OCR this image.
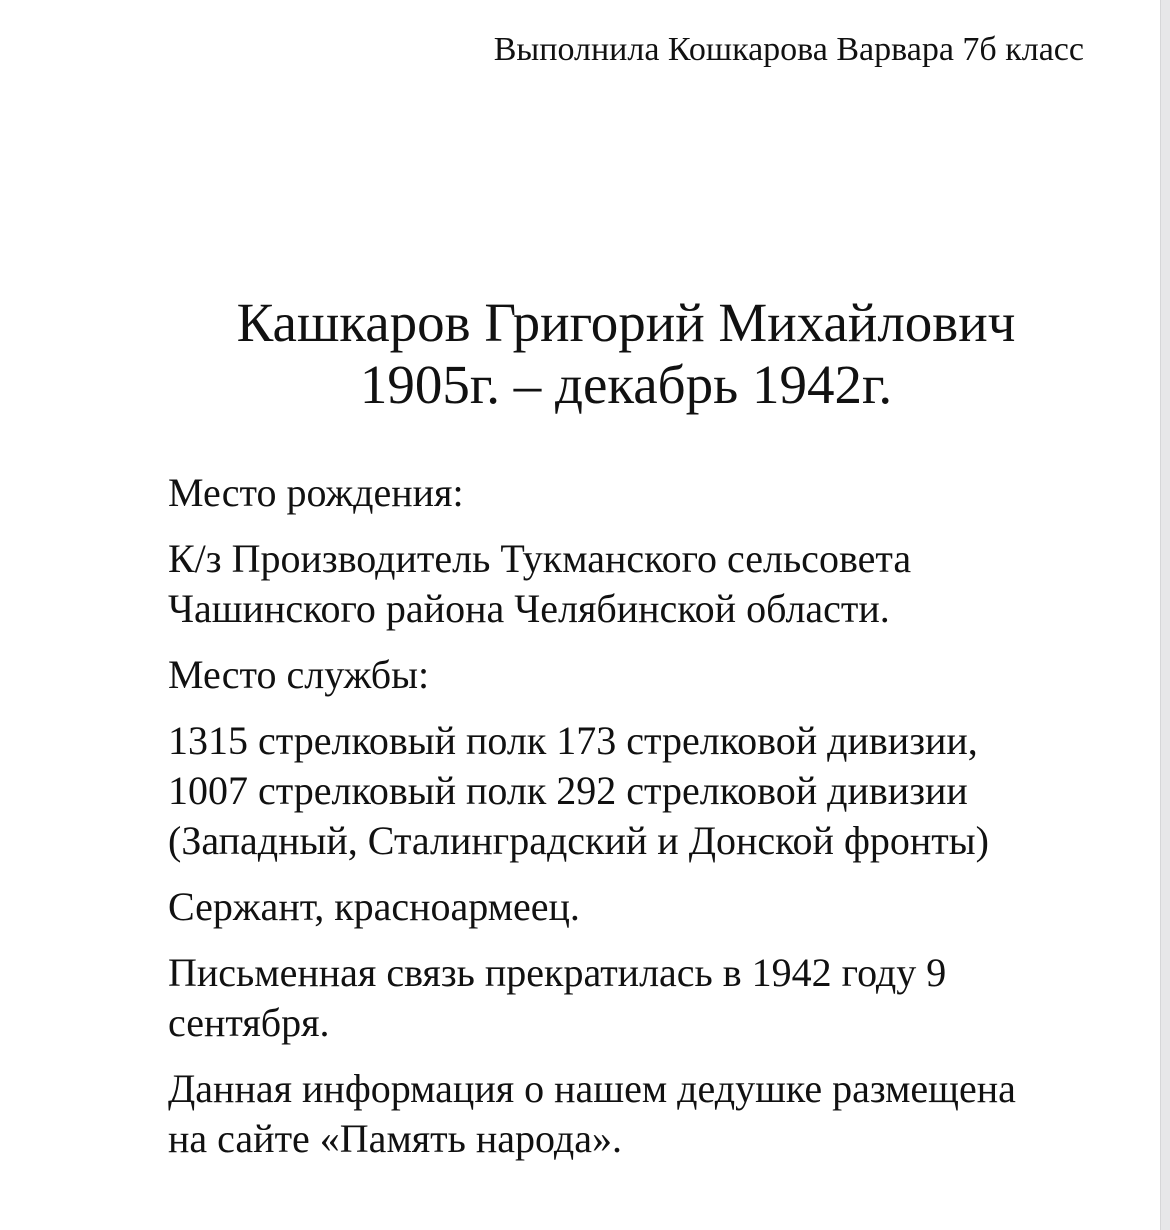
Выполнила Кошкарова Варвара 7б класс
Кашкаров Григорий Михайлович
1905г. – декабрь 1942г.

Место рождения:

К/з Производитель Тукманского сельсовета
Чашинского района Челябинской области.

Место службы:

1315 стрелковый полк 173 стрелковой дивизии,
1007 стрелковый полк 292 стрелковой дивизии
(Западный, Сталинградский и Донской фронты)

Сержант, красноармеец.

Письменная связь прекратилась в 1942 году 9
сентября.

Данная информация о нашем дедушке размещена
на сайте «Память народа».
